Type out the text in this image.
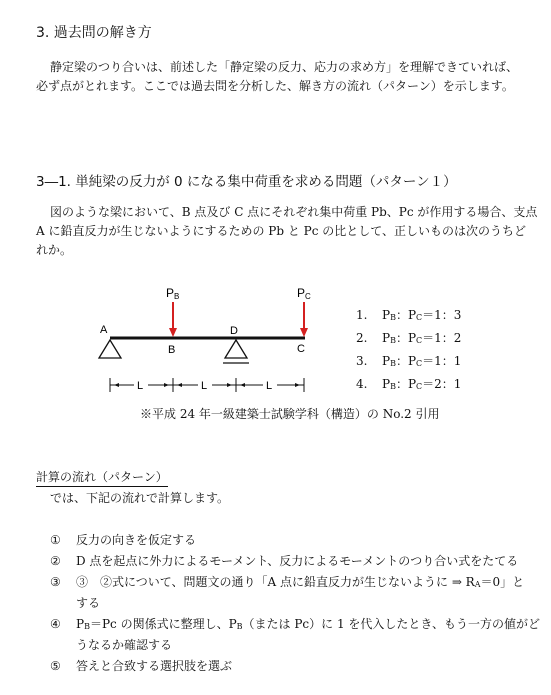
3. 過去問の解き方
静定梁のつり合いは、前述した「静定梁の反力、応力の求め方」を理解できていれば、
必ず点がとれます。ここでは過去問を分析した、解き方の流れ（パターン）を示します。
3―1. 単純梁の反力が 0 になる集中荷重を求める問題（パターン１）
図のような梁において、B 点及び C 点にそれぞれ集中荷重 Pb、Pc が作用する場合、支点
A に鉛直反力が生じないようにするための Pb と Pc の比として、正しいものは次のうちど
れか。
PB	PC
A
B
D
C
L	L	L
1. $P_B$：$P_C=1$：3
2. $P_B$：$P_C=1$：2
3. $P_B$：$P_C=1$：1
4. $P_B$：$P_C=2$：1
※平成 24 年一級建築士試験学科（構造）の No.2 引用
計算の流れ（パターン）
では、下記の流れで計算します。
① 反力の向きを仮定する
② D 点を起点に外力によるモーメント、反力によるモーメントのつり合い式をたてる
③ ③　②式について、問題文の通り「A 点に鉛直反力が生じないように ⇒ $R_A=0$」と
する
④ $P_B=Pc$ の関係式に整理し、$P_B$（または Pc）に 1 を代入したとき、もう一方の値がど
うなるか確認する
⑤ 答えと合致する選択肢を選ぶ
